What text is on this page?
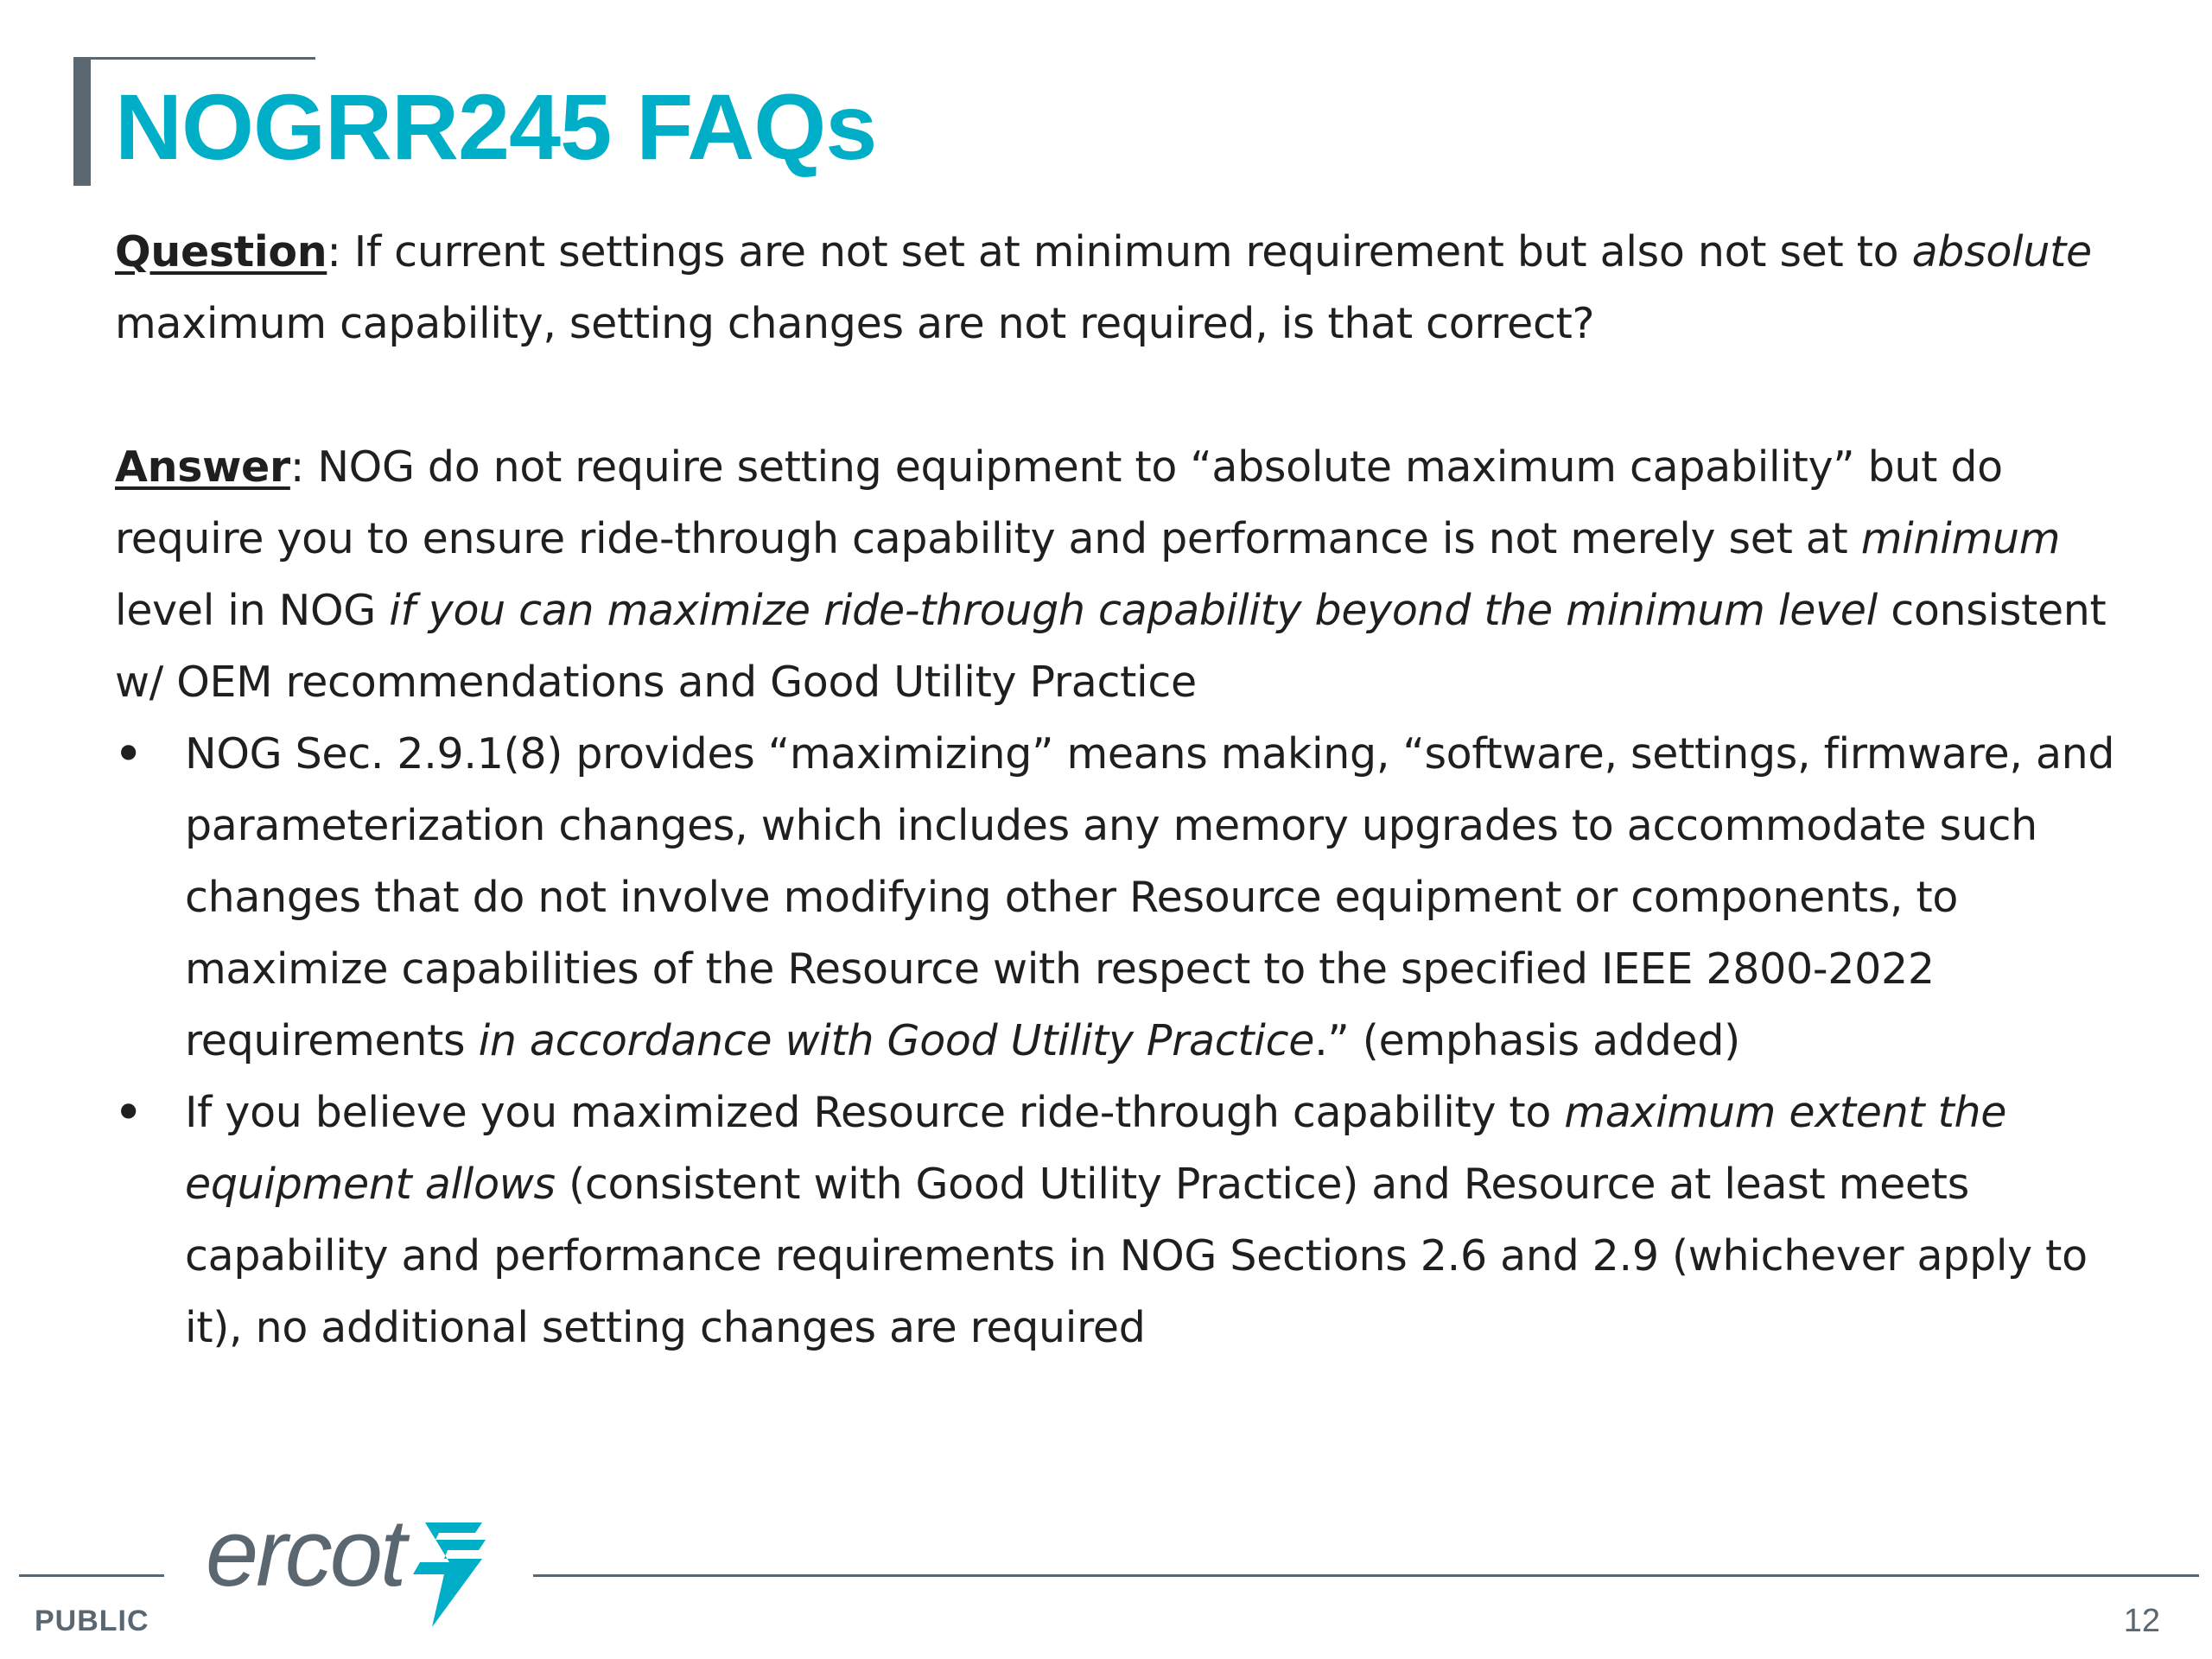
NOGRR245 FAQs

Question: If current settings are not set at minimum requirement but also not set to absolute

maximum capability, setting changes are not required, is that correct?

Answer: NOG do not require setting equipment to “absolute maximum capability” but do

require you to ensure ride-through capability and performance is not merely set at minimum

level in NOG if you can maximize ride-through capability beyond the minimum level consistent

w/ OEM recommendations and Good Utility Practice

• NOG Sec. 2.9.1(8) provides “maximizing” means making, “software, settings, firmware, and

parameterization changes, which includes any memory upgrades to accommodate such

changes that do not involve modifying other Resource equipment or components, to

maximize capabilities of the Resource with respect to the specified IEEE 2800-2022

requirements in accordance with Good Utility Practice.” (emphasis added)

• If you believe you maximized Resource ride-through capability to maximum extent the

equipment allows (consistent with Good Utility Practice) and Resource at least meets

capability and performance requirements in NOG Sections 2.6 and 2.9 (whichever apply to

it), no additional setting changes are required

ercot
PUBLIC	12
